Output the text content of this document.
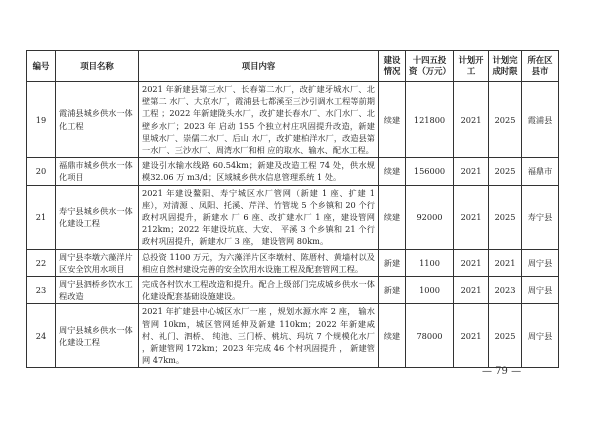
编号	项目名称	项目内容	建设情况	十四五投资（万元）	计划开工	计划完成时限	所在区县市
19	霞浦县城乡供水一体化工程	2021 年新建县第三水厂、长春第二水厂，改扩建牙城水厂、北壁第二 水厂、大京水厂，霞浦县七都溪至三沙引调水工程等前期工程 ；2022 年新建陇头水厂，改扩建长春水厂、水门水厂、北壁乡水厂；2023 年 启动 155 个独立村庄巩固提升改造，新建里城水厂、崇儒二水厂、后山 水厂，改扩建柏洋水厂，改造县第一水厂、三沙水厂、周湾水厂和相 应的取水、输水、配水工程。	续建	121800	2021	2025	霞浦县
20	福鼎市城乡供水一体化项目	建设引水输水线路 60.54km；新建及改造工程 74 处，供水规模32.06 万 m3/d；区域城乡供水信息管理系统 1 处。	续建	156000	2021	2025	福鼎市
21	寿宁县城乡供水一体化建设工程	2021 年建设鳌阳、寿宁城区水厂管网（新建 1 座、扩建 1 座），对清源 、凤阳、托溪、芹洋、竹管垅 5 个乡镇和 20 个行政村巩固提升，新建水 厂 6 座、改扩建水厂 1 座，建设管网 212km；2022 年建设坑底、大安、 平溪 3 个乡镇和 21 个行政村巩固提升，新建水厂 3 座， 建设管网 80km。	续建	92000	2021	2025	寿宁县
22	周宁县李墩六藻洋片区安全饮用水项目	总投资 1100 万元，为六藻洋片区李墩村、陈厝村、黄墙村以及相应自然村建设完善的安全饮用水设施工程及配套管网工程。	新建	1100	2021	2021	周宁县
23	周宁县泗桥乡饮水工程改造	完成各村饮水工程改造和提升。配合上级部门完成城乡供水一体化建设配套基础设施建设。	新建	1000	2021	2023	周宁县
24	周宁县城乡供水一体化建设工程	2021 年扩建县中心城区水厂一座 ，规划水源水库 2 座， 输水管网 10km，城区管网延伸及新建 110km；2022 年新建咸村、礼门、泗桥、 纯池、三门桥、桃坑、玛坑 7 个规模化水厂 ，新建管网 172km；2023 年完成 46 个村巩固提升 ， 新建管网 47km。	续建	78000	2021	2025	周宁县
— 79 —
